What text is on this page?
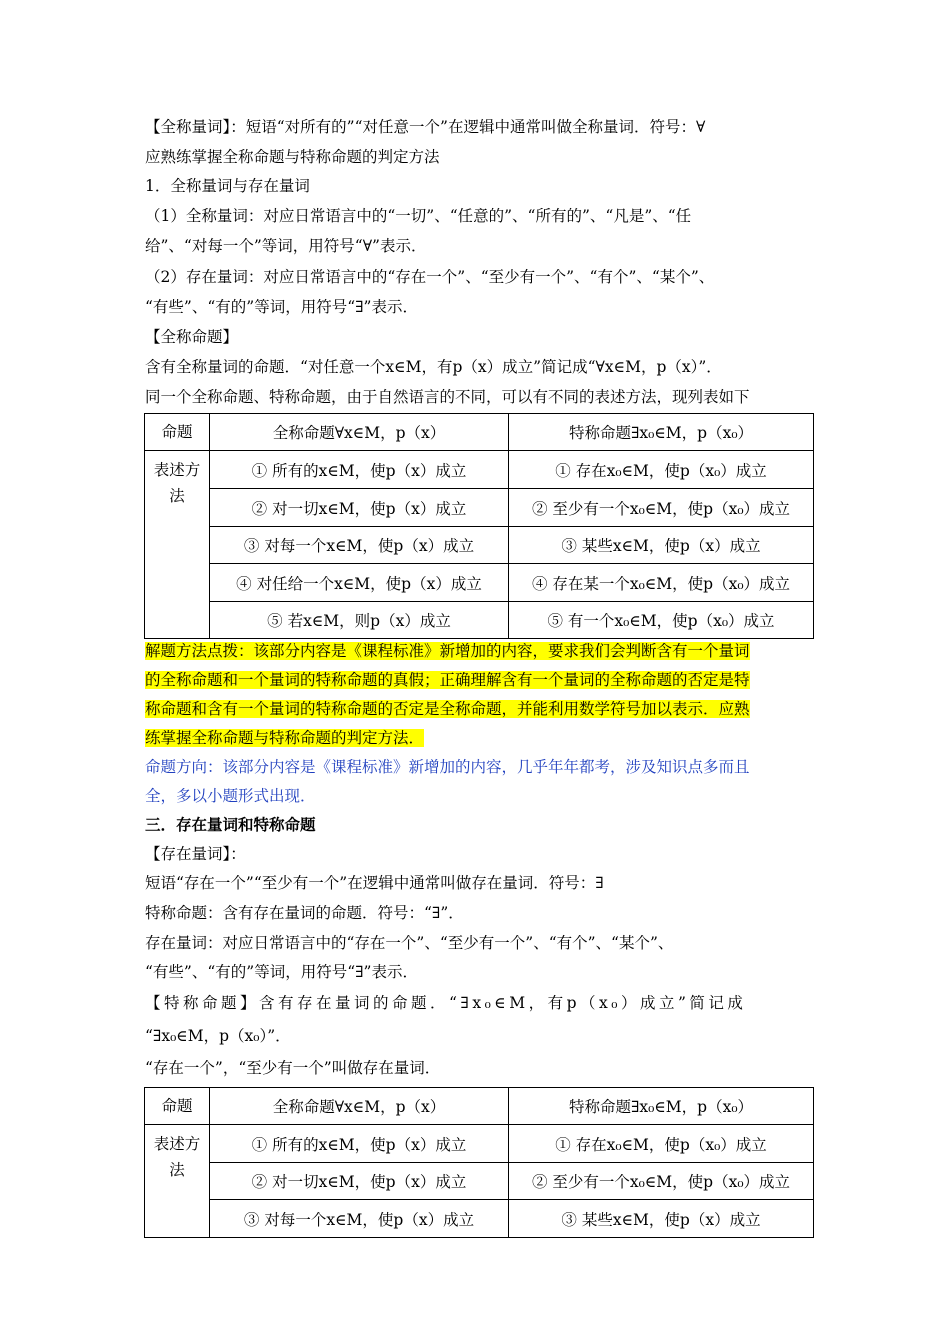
【全称量词】：短语“对所有的”“对任意一个”在逻辑中通常叫做全称量词．符号：∀
应熟练掌握全称命题与特称命题的判定方法
1．全称量词与存在量词
（1）全称量词：对应日常语言中的“一切”、“任意的”、“所有的”、“凡是”、“任
给”、“对每一个”等词，用符号“∀”表示．
（2）存在量词：对应日常语言中的“存在一个”、“至少有一个”、“有个”、“某个”、
“有些”、“有的”等词，用符号“∃”表示．
【全称命题】
含有全称量词的命题．“对任意一个x∈M，有p（x）成立”简记成“∀x∈M，p（x）”．
同一个全称命题、特称命题，由于自然语言的不同，可以有不同的表述方法，现列表如下
命题	全称命题∀x∈M，p（x）	特称命题∃x₀∈M，p（x₀）
表述方法	① 所有的x∈M，使p（x）成立	① 存在x₀∈M，使p（x₀）成立
	② 对一切x∈M，使p（x）成立	② 至少有一个x₀∈M，使p（x₀）成立
	③ 对每一个x∈M，使p（x）成立	③ 某些x∈M，使p（x）成立
	④ 对任给一个x∈M，使p（x）成立	④ 存在某一个x₀∈M，使p（x₀）成立
	⑤ 若x∈M，则p（x）成立	⑤ 有一个x₀∈M，使p（x₀）成立
解题方法点拨：该部分内容是《课程标准》新增加的内容，要求我们会判断含有一个量词
的全称命题和一个量词的特称命题的真假；正确理解含有一个量词的全称命题的否定是特
称命题和含有一个量词的特称命题的否定是全称命题，并能利用数学符号加以表示．应熟
练掌握全称命题与特称命题的判定方法．
命题方向：该部分内容是《课程标准》新增加的内容，几乎年年都考，涉及知识点多而且
全，多以小题形式出现．
三．存在量词和特称命题
【存在量词】：
短语“存在一个”“至少有一个”在逻辑中通常叫做存在量词．符号：∃
特称命题：含有存在量词的命题．符号：“∃”．
存在量词：对应日常语言中的“存在一个”、“至少有一个”、“有个”、“某个”、
“有些”、“有的”等词，用符号“∃”表示．
【特称命题】含有存在量词的命题．“∃x₀∈M，有p（x₀）成立”简记成
“∃x₀∈M，p（x₀）”．
“存在一个”，“至少有一个”叫做存在量词．
命题	全称命题∀x∈M，p（x）	特称命题∃x₀∈M，p（x₀）
表述方法	① 所有的x∈M，使p（x）成立	① 存在x₀∈M，使p（x₀）成立
	② 对一切x∈M，使p（x）成立	② 至少有一个x₀∈M，使p（x₀）成立
	③ 对每一个x∈M，使p（x）成立	③ 某些x∈M，使p（x）成立
